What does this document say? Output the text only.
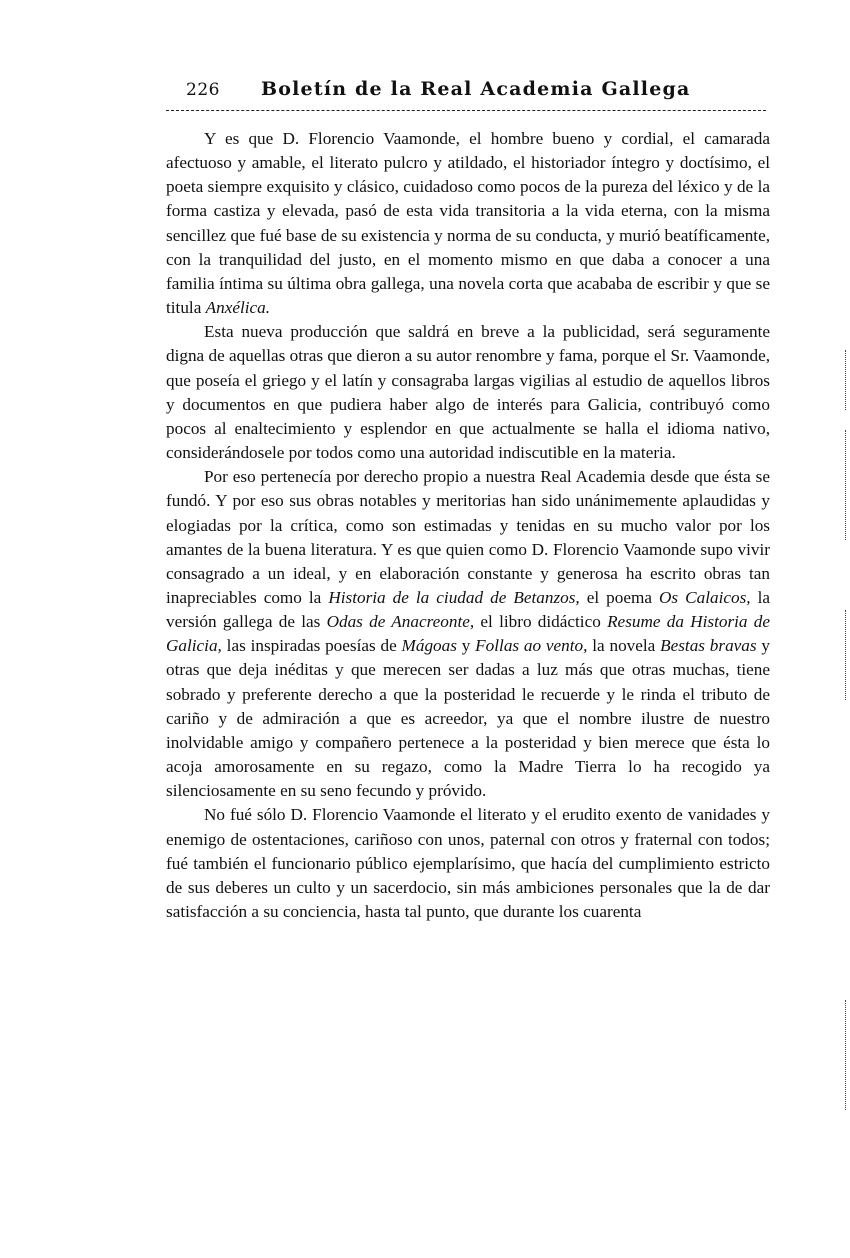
226 Boletín de la Real Academia Gallega

Y es que D. Florencio Vaamonde, el hombre bueno y cordial, el camarada afectuoso y amable, el literato pulcro y atildado, el historiador íntegro y doctísimo, el poeta siempre exquisito y clásico, cuidadoso como pocos de la pureza del léxico y de la forma castiza y elevada, pasó de esta vida transitoria a la vida eterna, con la misma sencillez que fué base de su existencia y norma de su conducta, y murió beatíficamente, con la tranquilidad del justo, en el momento mismo en que daba a conocer a una familia íntima su última obra gallega, una novela corta que acababa de escribir y que se titula Anxélica.

Esta nueva producción que saldrá en breve a la publicidad, será seguramente digna de aquellas otras que dieron a su autor renombre y fama, porque el Sr. Vaamonde, que poseía el griego y el latín y consagraba largas vigilias al estudio de aquellos libros y documentos en que pudiera haber algo de interés para Galicia, contribuyó como pocos al enaltecimiento y esplendor en que actualmente se halla el idioma nativo, considerándosele por todos como una autoridad indiscutible en la materia.

Por eso pertenecía por derecho propio a nuestra Real Academia desde que ésta se fundó. Y por eso sus obras notables y meritorias han sido unánimemente aplaudidas y elogiadas por la crítica, como son estimadas y tenidas en su mucho valor por los amantes de la buena literatura. Y es que quien como D. Florencio Vaamonde supo vivir consagrado a un ideal, y en elaboración constante y generosa ha escrito obras tan inapreciables como la Historia de la ciudad de Betanzos, el poema Os Calaicos, la versión gallega de las Odas de Anacreonte, el libro didáctico Resume da Historia de Galicia, las inspiradas poesías de Mágoas y Follas ao vento, la novela Bestas bravas y otras que deja inéditas y que merecen ser dadas a luz más que otras muchas, tiene sobrado y preferente derecho a que la posteridad le recuerde y le rinda el tributo de cariño y de admiración a que es acreedor, ya que el nombre ilustre de nuestro inolvidable amigo y compañero pertenece a la posteridad y bien merece que ésta lo acoja amorosamente en su regazo, como la Madre Tierra lo ha recogido ya silenciosamente en su seno fecundo y próvido.

No fué sólo D. Florencio Vaamonde el literato y el erudito exento de vanidades y enemigo de ostentaciones, cariñoso con unos, paternal con otros y fraternal con todos; fué también el funcionario público ejemplarísimo, que hacía del cumplimiento estricto de sus deberes un culto y un sacerdocio, sin más ambiciones personales que la de dar satisfacción a su conciencia, hasta tal punto, que durante los cuarenta
